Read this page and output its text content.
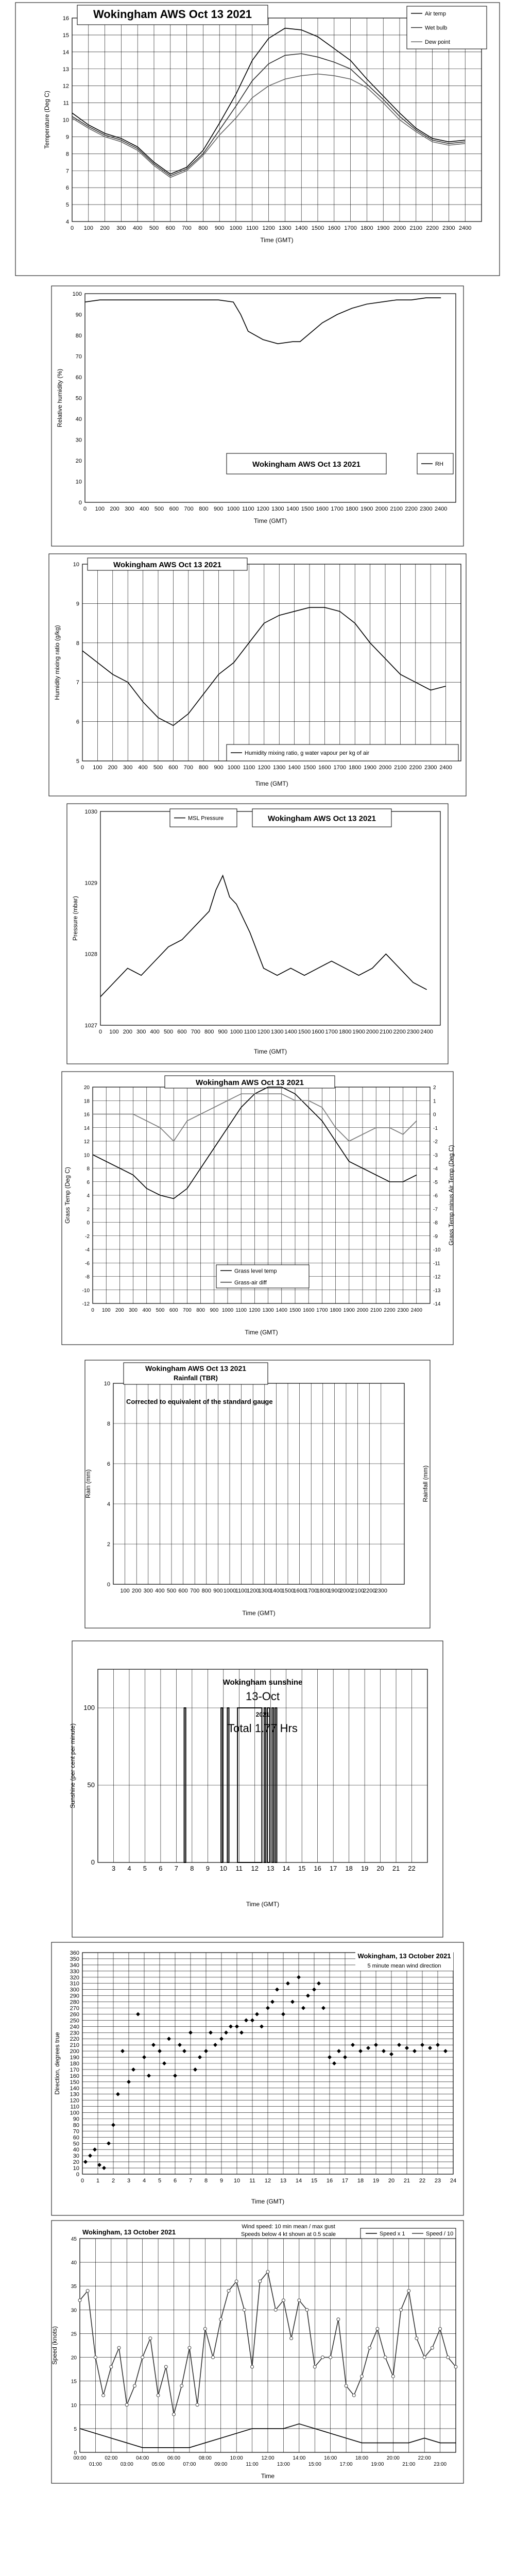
4
5
6
7
8
9
10
11
12
13
14
15
16
0 100 200 300 400 500 600 700 800 900 1000 1100 1200 1300 1400 1500 1600 1700 1800 1900 2000 2100 2200 2300 2400
Time (GMT)
Temperature (Deg C)
Wokingham AWS Oct 13 2021	Air temp
Wet bulb
Dew point
0
10
20
30
40
50
60
70
80
90
100
0 100 200 300 400 500 600 700 800 900 1000 1100 1200 1300 1400 1500 1600 1700 1800 1900 2000 2100 2200 2300 2400
Time (GMT)
Relative humidity (%)
Wokingham AWS Oct 13 2021	RH
5
6
7
8
9
10
0 100 200 300 400 500 600 700 800 900 1000 1100 1200 1300 1400 1500 1600 1700 1800 1900 2000 2100 2200 2300 2400
Time (GMT)
Humidity mixing ratio (g/kg)
Wokingham AWS Oct 13 2021
Humidity mixing ratio, g water vapour per kg of air
1027
1028
1029
1030
0 100 200 300 400 500 600 700 800 900 1000 1100 1200 1300 1400 1500 1600 1700 1800 1900 2000 2100 2200 2300 2400
Time (GMT)
Pressure (mbar)
Wokingham AWS Oct 13 2021
MSL Pressure
-12
-10
-8
-6
-4
-2
0
2
4
6
8
10
12
14
16
18
20
-14
-13
-12
-11
-10
-9
-8
-7
-6
-5
-4
-3
-2
-1
0
1
2
0 100 200 300 400 500 600 700 800 900 1000 1100 1200 1300 1400 1500 1600 1700 1800 1900 2000 2100 2200 2300 2400
Time (GMT)
Grass Temp (Deg C)	Grass Temp minus Air Temp (Deg C)
Wokingham AWS Oct 13 2021
Grass level temp
Grass-air diff
0
2
4
6
8
10
100 200 300 400 500 600 700 800 900 1000
1100
1200
1300
1400
1500
1600
1700
1800
1900
2000
2100
2200
2300
Time (GMT)
Rain (mm)	Rainfall (mm)
Wokingham AWS Oct 13 2021
Rainfall (TBR)
Corrected to equivalent of the standard gauge
0
50
100
3 4 5 6 7 8 9 10 11 12 13 14 15 16 17 18 19 20 21 22
Time (GMT)
Sunshine (per cent per minute)
Wokingham sunshine
13-Oct
2021
Total 1.77 Hrs
0
10
20
30
40
50
60
70
80
90
100
110
120
130
140
150
160
170
180
190
200
210
220
230
240
250
260
270
280
290
300
310
320
330
340
350
360
0 1 2 3 4 5 6 7 8 9 10 11 12 13 14 15 16 17 18 19 20 21 22 23 24
Time (GMT)
Direction, degrees true
Wokingham, 13 October 2021
5 minute mean wind direction
0
5
10
15
20
25
30
35
40
45
00:00
01:00
02:00
03:00
04:00
05:00
06:00
07:00
08:00
09:00
10:00
11:00
12:00
13:00
14:00
15:00
16:00
17:00
18:00
19:00
20:00
21:00
22:00
23:00
Time
Speed (knots)
Speed x 1	Speed / 10
Wokingham, 13 October 2021
Wind speed: 10 min mean / max gust
Speeds below 4 kt shown at 0.5 scale
